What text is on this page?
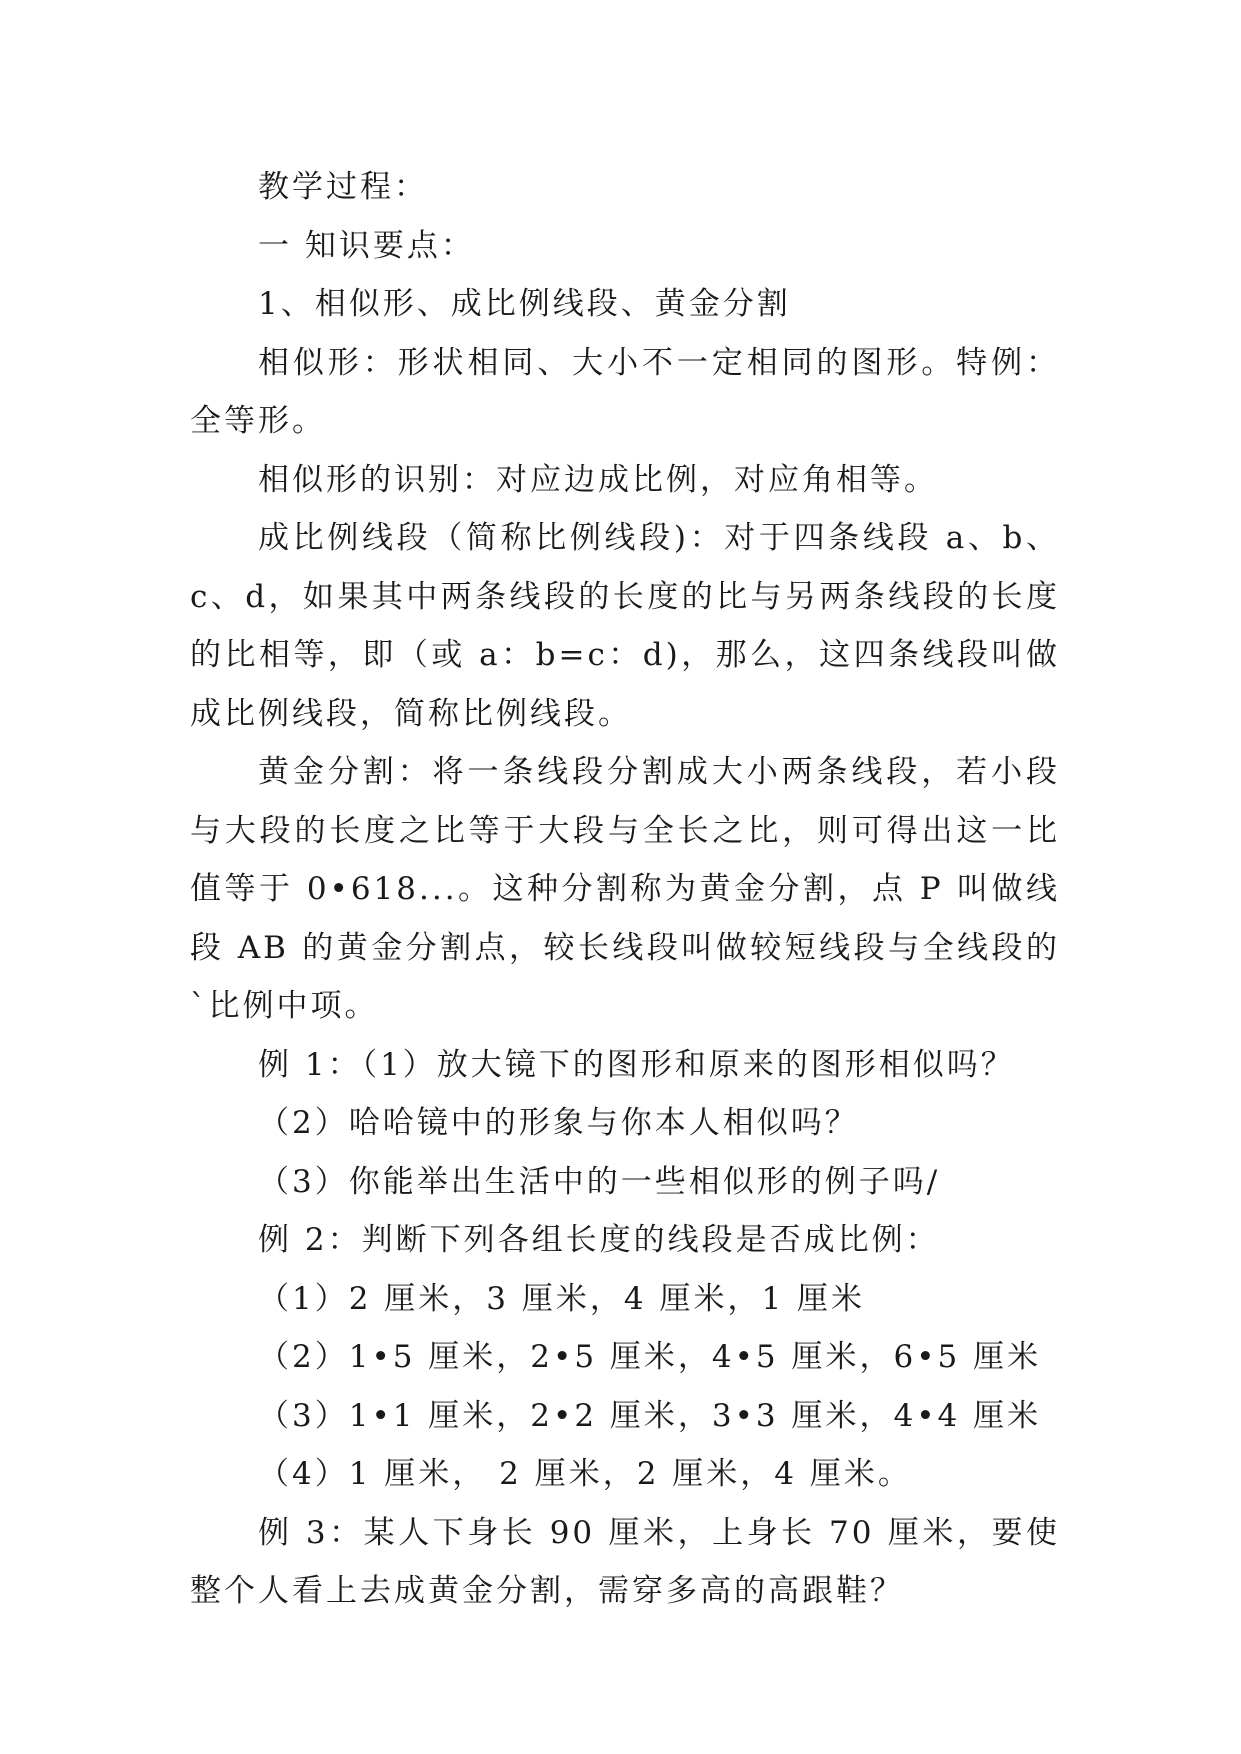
教学过程：

一 知识要点：

1、相似形、成比例线段、黄金分割

相似形：形状相同、大小不一定相同的图形。特例：全等形。

相似形的识别：对应边成比例，对应角相等。

成比例线段（简称比例线段)：对于四条线段 a、b、c、d，如果其中两条线段的长度的比与另两条线段的长度的比相等，即（或 a：b=c：d)，那么，这四条线段叫做成比例线段，简称比例线段。

黄金分割：将一条线段分割成大小两条线段，若小段与大段的长度之比等于大段与全长之比，则可得出这一比值等于 0•618...。这种分割称为黄金分割，点 P 叫做线段 AB 的黄金分割点，较长线段叫做较短线段与全线段的`比例中项。

例 1：（1）放大镜下的图形和原来的图形相似吗？

（2）哈哈镜中的形象与你本人相似吗？

（3）你能举出生活中的一些相似形的例子吗/

例 2：判断下列各组长度的线段是否成比例：

（1）2 厘米，3 厘米，4 厘米，1 厘米

（2）1•5 厘米，2•5 厘米，4•5 厘米，6•5 厘米

（3）1•1 厘米，2•2 厘米，3•3 厘米，4•4 厘米

（4）1 厘米， 2 厘米，2 厘米，4 厘米。

例 3：某人下身长 90 厘米，上身长 70 厘米，要使整个人看上去成黄金分割，需穿多高的高跟鞋？
